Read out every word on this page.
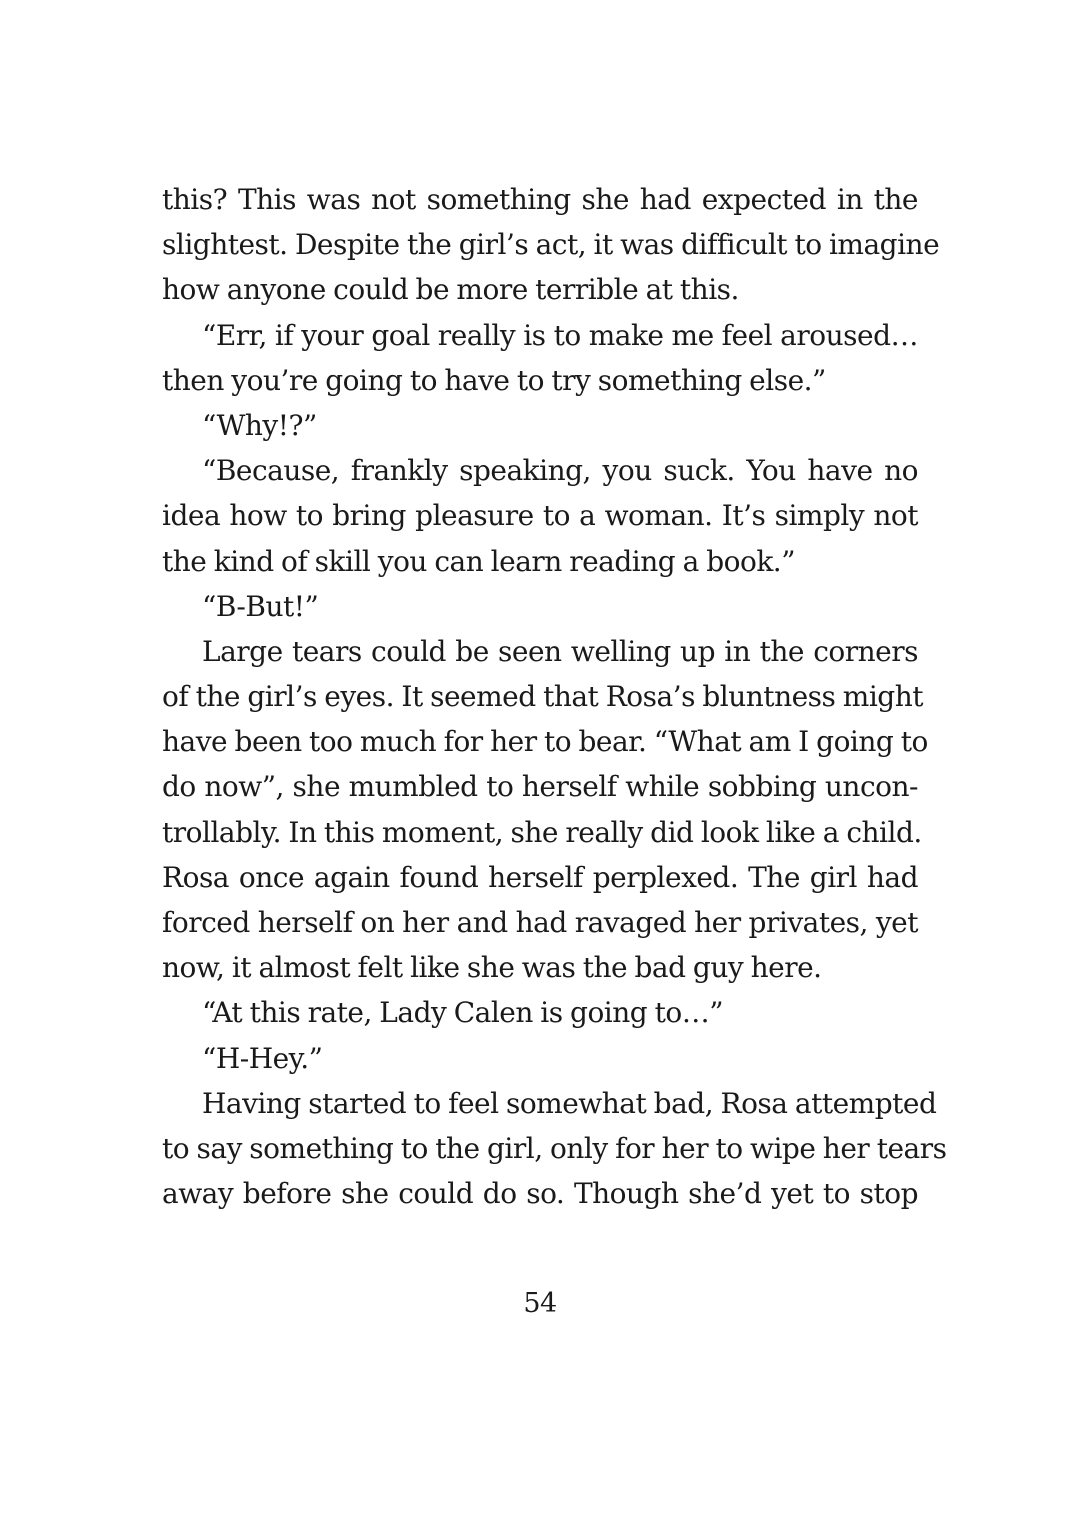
this? This was not something she had expected in the
slightest. Despite the girl’s act, it was difficult to imagine
how anyone could be more terrible at this.
“Err, if your goal really is to make me feel aroused…
then you’re going to have to try something else.”
“Why!?”
“Because, frankly speaking, you suck. You have no
idea how to bring pleasure to a woman. It’s simply not
the kind of skill you can learn reading a book.”
“B-But!”
Large tears could be seen welling up in the corners
of the girl’s eyes. It seemed that Rosa’s bluntness might
have been too much for her to bear. “What am I going to
do now”, she mumbled to herself while sobbing uncon-
trollably. In this moment, she really did look like a child.
Rosa once again found herself perplexed. The girl had
forced herself on her and had ravaged her privates, yet
now, it almost felt like she was the bad guy here.
“At this rate, Lady Calen is going to…”
“H-Hey.”
Having started to feel somewhat bad, Rosa attempted
to say something to the girl, only for her to wipe her tears
away before she could do so. Though she’d yet to stop
54
